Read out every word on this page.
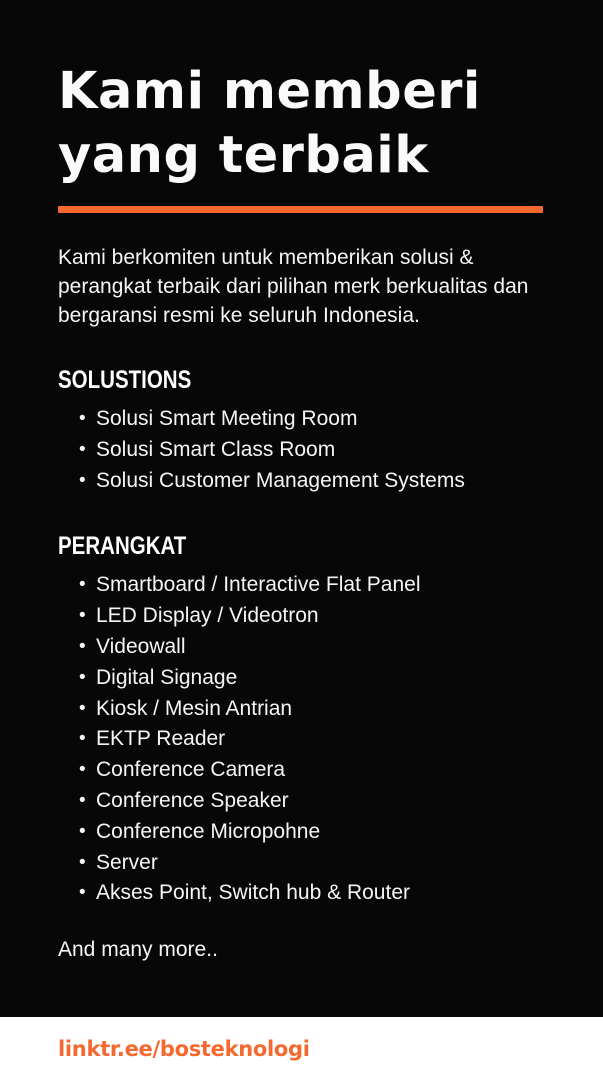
Kami memberi
yang terbaik

Kami berkomiten untuk memberikan solusi & perangkat terbaik dari pilihan merk berkualitas dan bergaransi resmi ke seluruh Indonesia.

SOLUSTIONS
• Solusi Smart Meeting Room
• Solusi Smart Class Room
• Solusi Customer Management Systems
PERANGKAT
• Smartboard / Interactive Flat Panel
• LED Display / Videotron
• Videowall
• Digital Signage
• Kiosk / Mesin Antrian
• EKTP Reader
• Conference Camera
• Conference Speaker
• Conference Micropohne
• Server
• Akses Point, Switch hub & Router

And many more..

linktr.ee/bosteknologi
